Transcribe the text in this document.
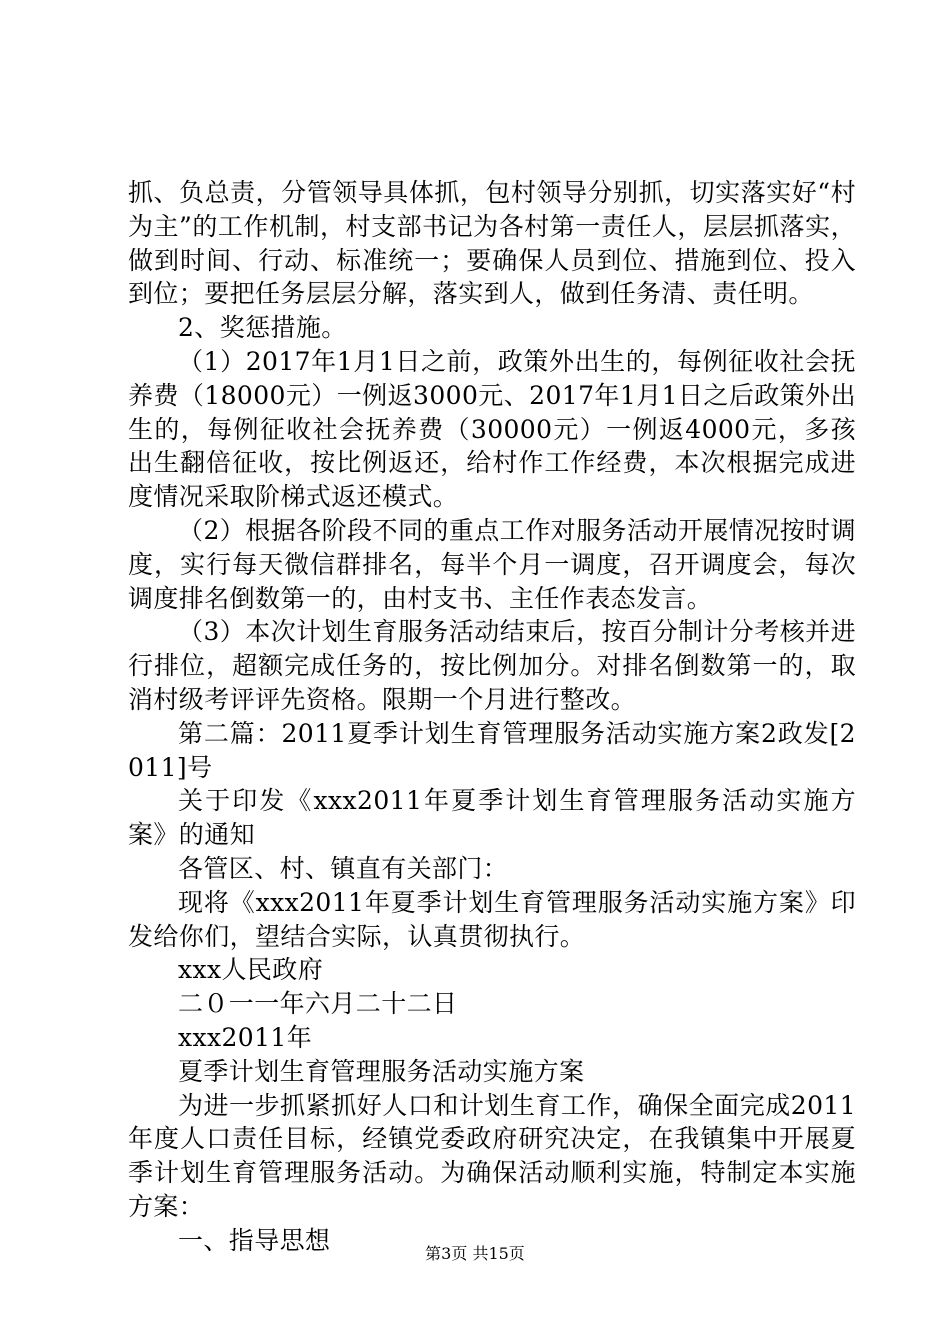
抓、负总责，分管领导具体抓，包村领导分别抓，切实落实好“村为主”的工作机制，村支部书记为各村第一责任人，层层抓落实，做到时间、行动、标准统一；要确保人员到位、措施到位、投入到位；要把任务层层分解，落实到人，做到任务清、责任明。

2、奖惩措施。

（1）2017年1月1日之前，政策外出生的，每例征收社会抚养费（18000元）一例返3000元、2017年1月1日之后政策外出生的，每例征收社会抚养费（30000元）一例返4000元，多孩出生翻倍征收，按比例返还，给村作工作经费，本次根据完成进度情况采取阶梯式返还模式。

（2）根据各阶段不同的重点工作对服务活动开展情况按时调度，实行每天微信群排名，每半个月一调度，召开调度会，每次调度排名倒数第一的，由村支书、主任作表态发言。

（3）本次计划生育服务活动结束后，按百分制计分考核并进行排位，超额完成任务的，按比例加分。对排名倒数第一的，取消村级考评评先资格。限期一个月进行整改。

第二篇：2011夏季计划生育管理服务活动实施方案2政发[2011]号

关于印发《xxx2011年夏季计划生育管理服务活动实施方案》的通知

各管区、村、镇直有关部门：

现将《xxx2011年夏季计划生育管理服务活动实施方案》印发给你们，望结合实际，认真贯彻执行。

xxx人民政府

二０一一年六月二十二日

xxx2011年

夏季计划生育管理服务活动实施方案

为进一步抓紧抓好人口和计划生育工作，确保全面完成2011年度人口责任目标，经镇党委政府研究决定，在我镇集中开展夏季计划生育管理服务活动。为确保活动顺利实施，特制定本实施方案：

一、指导思想	第3页 共15页
